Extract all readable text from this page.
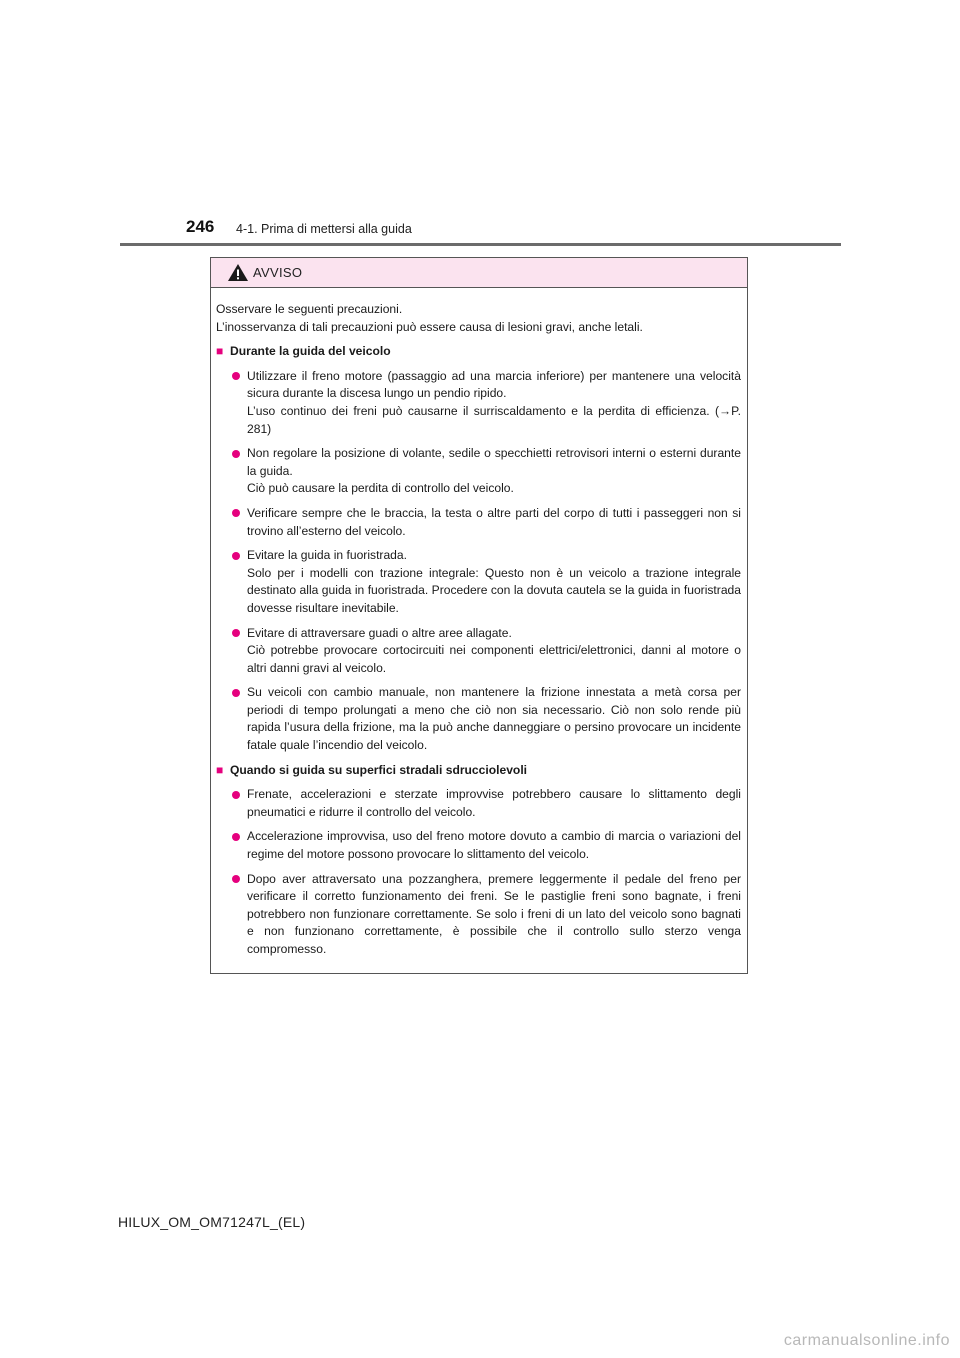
246 4-1. Prima di mettersi alla guida
AVVISO

Osservare le seguenti precauzioni.

L’inosservanza di tali precauzioni può essere causa di lesioni gravi, anche letali.

■ Durante la guida del veicolo

Utilizzare il freno motore (passaggio ad una marcia inferiore) per mantenere una velocità sicura durante la discesa lungo un pendio ripido.

L’uso continuo dei freni può causarne il surriscaldamento e la perdita di efficienza. (→P. 281)

Non regolare la posizione di volante, sedile o specchietti retrovisori interni o esterni durante la guida.

Ciò può causare la perdita di controllo del veicolo.

Verificare sempre che le braccia, la testa o altre parti del corpo di tutti i passeggeri non si trovino all’esterno del veicolo.

Evitare la guida in fuoristrada.

Solo per i modelli con trazione integrale: Questo non è un veicolo a trazione integrale destinato alla guida in fuoristrada. Procedere con la dovuta cautela se la guida in fuoristrada dovesse risultare inevitabile.

Evitare di attraversare guadi o altre aree allagate.

Ciò potrebbe provocare cortocircuiti nei componenti elettrici/elettronici, danni al motore o altri danni gravi al veicolo.

Su veicoli con cambio manuale, non mantenere la frizione innestata a metà corsa per periodi di tempo prolungati a meno che ciò non sia necessario. Ciò non solo rende più rapida l’usura della frizione, ma la può anche danneggiare o persino provocare un incidente fatale quale l’incendio del veicolo.

■ Quando si guida su superfici stradali sdrucciolevoli

Frenate, accelerazioni e sterzate improvvise potrebbero causare lo slittamento degli pneumatici e ridurre il controllo del veicolo.

Accelerazione improvvisa, uso del freno motore dovuto a cambio di marcia o variazioni del regime del motore possono provocare lo slittamento del veicolo.

Dopo aver attraversato una pozzanghera, premere leggermente il pedale del freno per verificare il corretto funzionamento dei freni. Se le pastiglie freni sono bagnate, i freni potrebbero non funzionare correttamente. Se solo i freni di un lato del veicolo sono bagnati e non funzionano correttamente, è possibile che il controllo sullo sterzo venga compromesso.

HILUX_OM_OM71247L_(EL)
carmanualsonline.info
